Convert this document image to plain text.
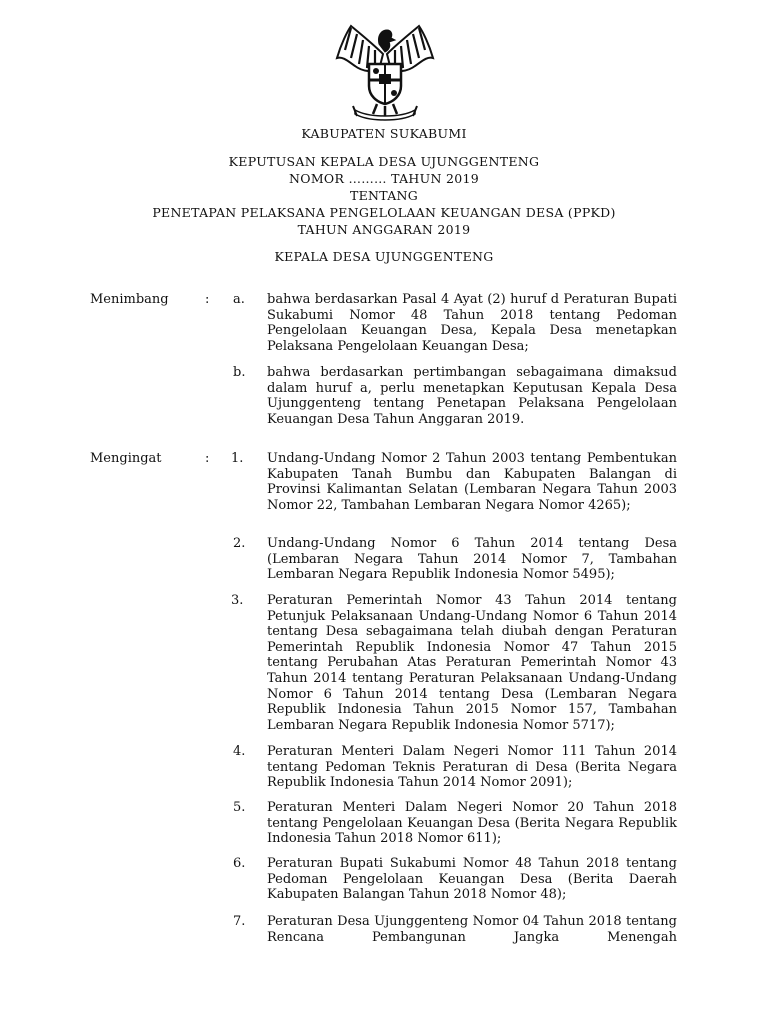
KABUPATEN SUKABUMI
KEPUTUSAN KEPALA DESA UJUNGGENTENG
NOMOR ……… TAHUN 2019
TENTANG
PENETAPAN PELAKSANA PENGELOLAAN KEUANGAN DESA (PPKD)
TAHUN ANGGARAN 2019
KEPALA DESA UJUNGGENTENG
Menimbang	: a. bahwa berdasarkan Pasal 4 Ayat (2) huruf d Peraturan Bupati Sukabumi Nomor 48 Tahun 2018 tentang Pedoman Pengelolaan Keuangan Desa, Kepala Desa menetapkan Pelaksana Pengelolaan Keuangan Desa;
b. bahwa berdasarkan pertimbangan sebagaimana dimaksud dalam huruf a, perlu menetapkan Keputusan Kepala Desa Ujunggenteng tentang Penetapan Pelaksana Pengelolaan Keuangan Desa Tahun Anggaran 2019.
Mengingat	: 1. Undang-Undang Nomor 2 Tahun 2003 tentang Pembentukan Kabupaten Tanah Bumbu dan Kabupaten Balangan di Provinsi Kalimantan Selatan (Lembaran Negara Tahun 2003 Nomor 22, Tambahan Lembaran Negara Nomor 4265);
2. Undang-Undang Nomor 6 Tahun 2014 tentang Desa (Lembaran Negara Tahun 2014 Nomor 7, Tambahan Lembaran Negara Republik Indonesia Nomor 5495);
3. Peraturan Pemerintah Nomor 43 Tahun 2014 tentang Petunjuk Pelaksanaan Undang-Undang Nomor 6 Tahun 2014 tentang Desa sebagaimana telah diubah dengan Peraturan Pemerintah Republik Indonesia Nomor 47 Tahun 2015 tentang Perubahan Atas Peraturan Pemerintah Nomor 43 Tahun 2014 tentang Peraturan Pelaksanaan Undang-Undang Nomor 6 Tahun 2014 tentang Desa (Lembaran Negara Republik Indonesia Tahun 2015 Nomor 157, Tambahan Lembaran Negara Republik Indonesia Nomor 5717);
4. Peraturan Menteri Dalam Negeri Nomor 111 Tahun 2014 tentang Pedoman Teknis Peraturan di Desa (Berita Negara Republik Indonesia Tahun 2014 Nomor 2091);
5. Peraturan Menteri Dalam Negeri Nomor 20 Tahun 2018 tentang Pengelolaan Keuangan Desa (Berita Negara Republik Indonesia Tahun 2018 Nomor 611);
6. Peraturan Bupati Sukabumi Nomor 48 Tahun 2018 tentang Pedoman Pengelolaan Keuangan Desa (Berita Daerah Kabupaten Balangan Tahun 2018 Nomor 48);
7. Peraturan Desa Ujunggenteng Nomor 04 Tahun 2018 tentang Rencana Pembangunan Jangka Menengah
